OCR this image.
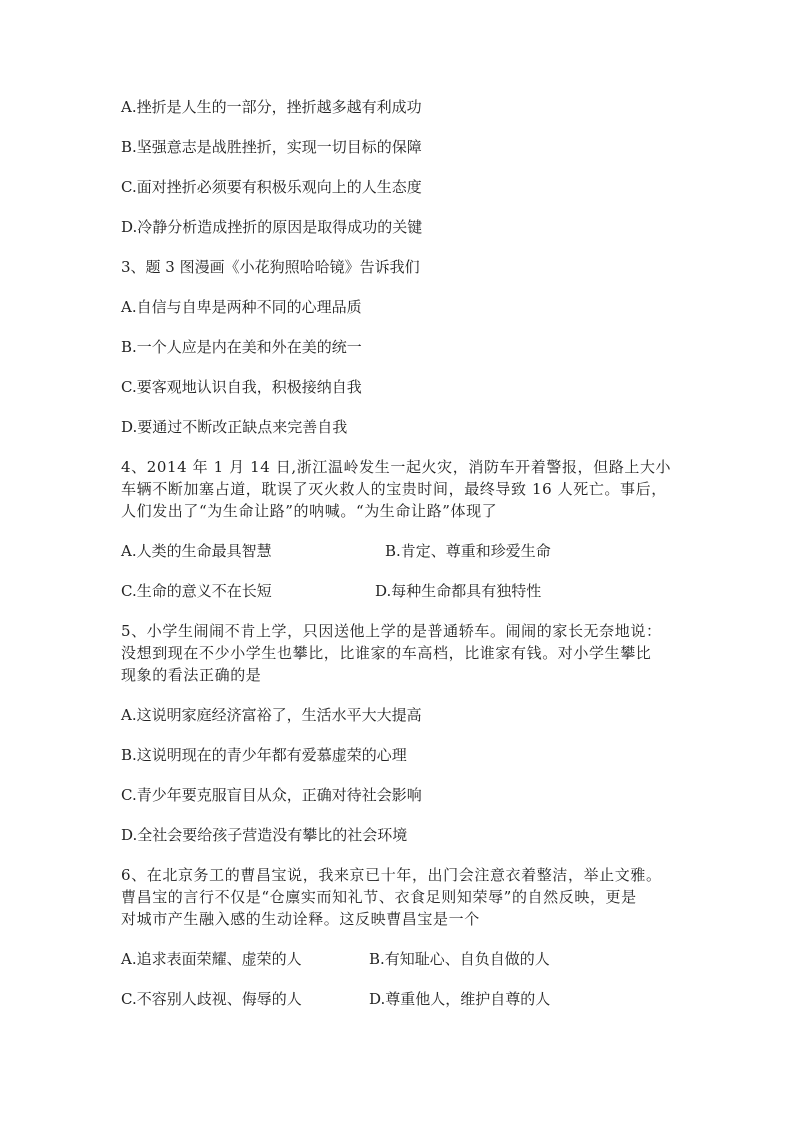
A.挫折是人生的一部分，挫折越多越有利成功
B.坚强意志是战胜挫折，实现一切目标的保障
C.面对挫折必须要有积极乐观向上的人生态度
D.冷静分析造成挫折的原因是取得成功的关键
3、题 3 图漫画《小花狗照哈哈镜》告诉我们
A.自信与自卑是两种不同的心理品质
B.一个人应是内在美和外在美的统一
C.要客观地认识自我，积极接纳自我
D.要通过不断改正缺点来完善自我
4、2014 年 1 月 14 日,浙江温岭发生一起火灾，消防车开着警报，但路上大小
车辆不断加塞占道，耽误了灭火救人的宝贵时间，最终导致 16 人死亡。事后，
人们发出了“为生命让路”的呐喊。“为生命让路”体现了
A.人类的生命最具智慧	B.肯定、尊重和珍爱生命
C.生命的意义不在长短	D.每种生命都具有独特性
5、小学生闹闹不肯上学，只因送他上学的是普通轿车。闹闹的家长无奈地说：
没想到现在不少小学生也攀比，比谁家的车高档，比谁家有钱。对小学生攀比
现象的看法正确的是
A.这说明家庭经济富裕了，生活水平大大提高
B.这说明现在的青少年都有爱慕虚荣的心理
C.青少年要克服盲目从众，正确对待社会影响
D.全社会要给孩子营造没有攀比的社会环境
6、在北京务工的曹昌宝说，我来京已十年，出门会注意衣着整洁，举止文雅。
曹昌宝的言行不仅是“仓廪实而知礼节、衣食足则知荣辱”的自然反映，更是
对城市产生融入感的生动诠释。这反映曹昌宝是一个
A.追求表面荣耀、虚荣的人	B.有知耻心、自负自做的人
C.不容别人歧视、侮辱的人	D.尊重他人，维护自尊的人
